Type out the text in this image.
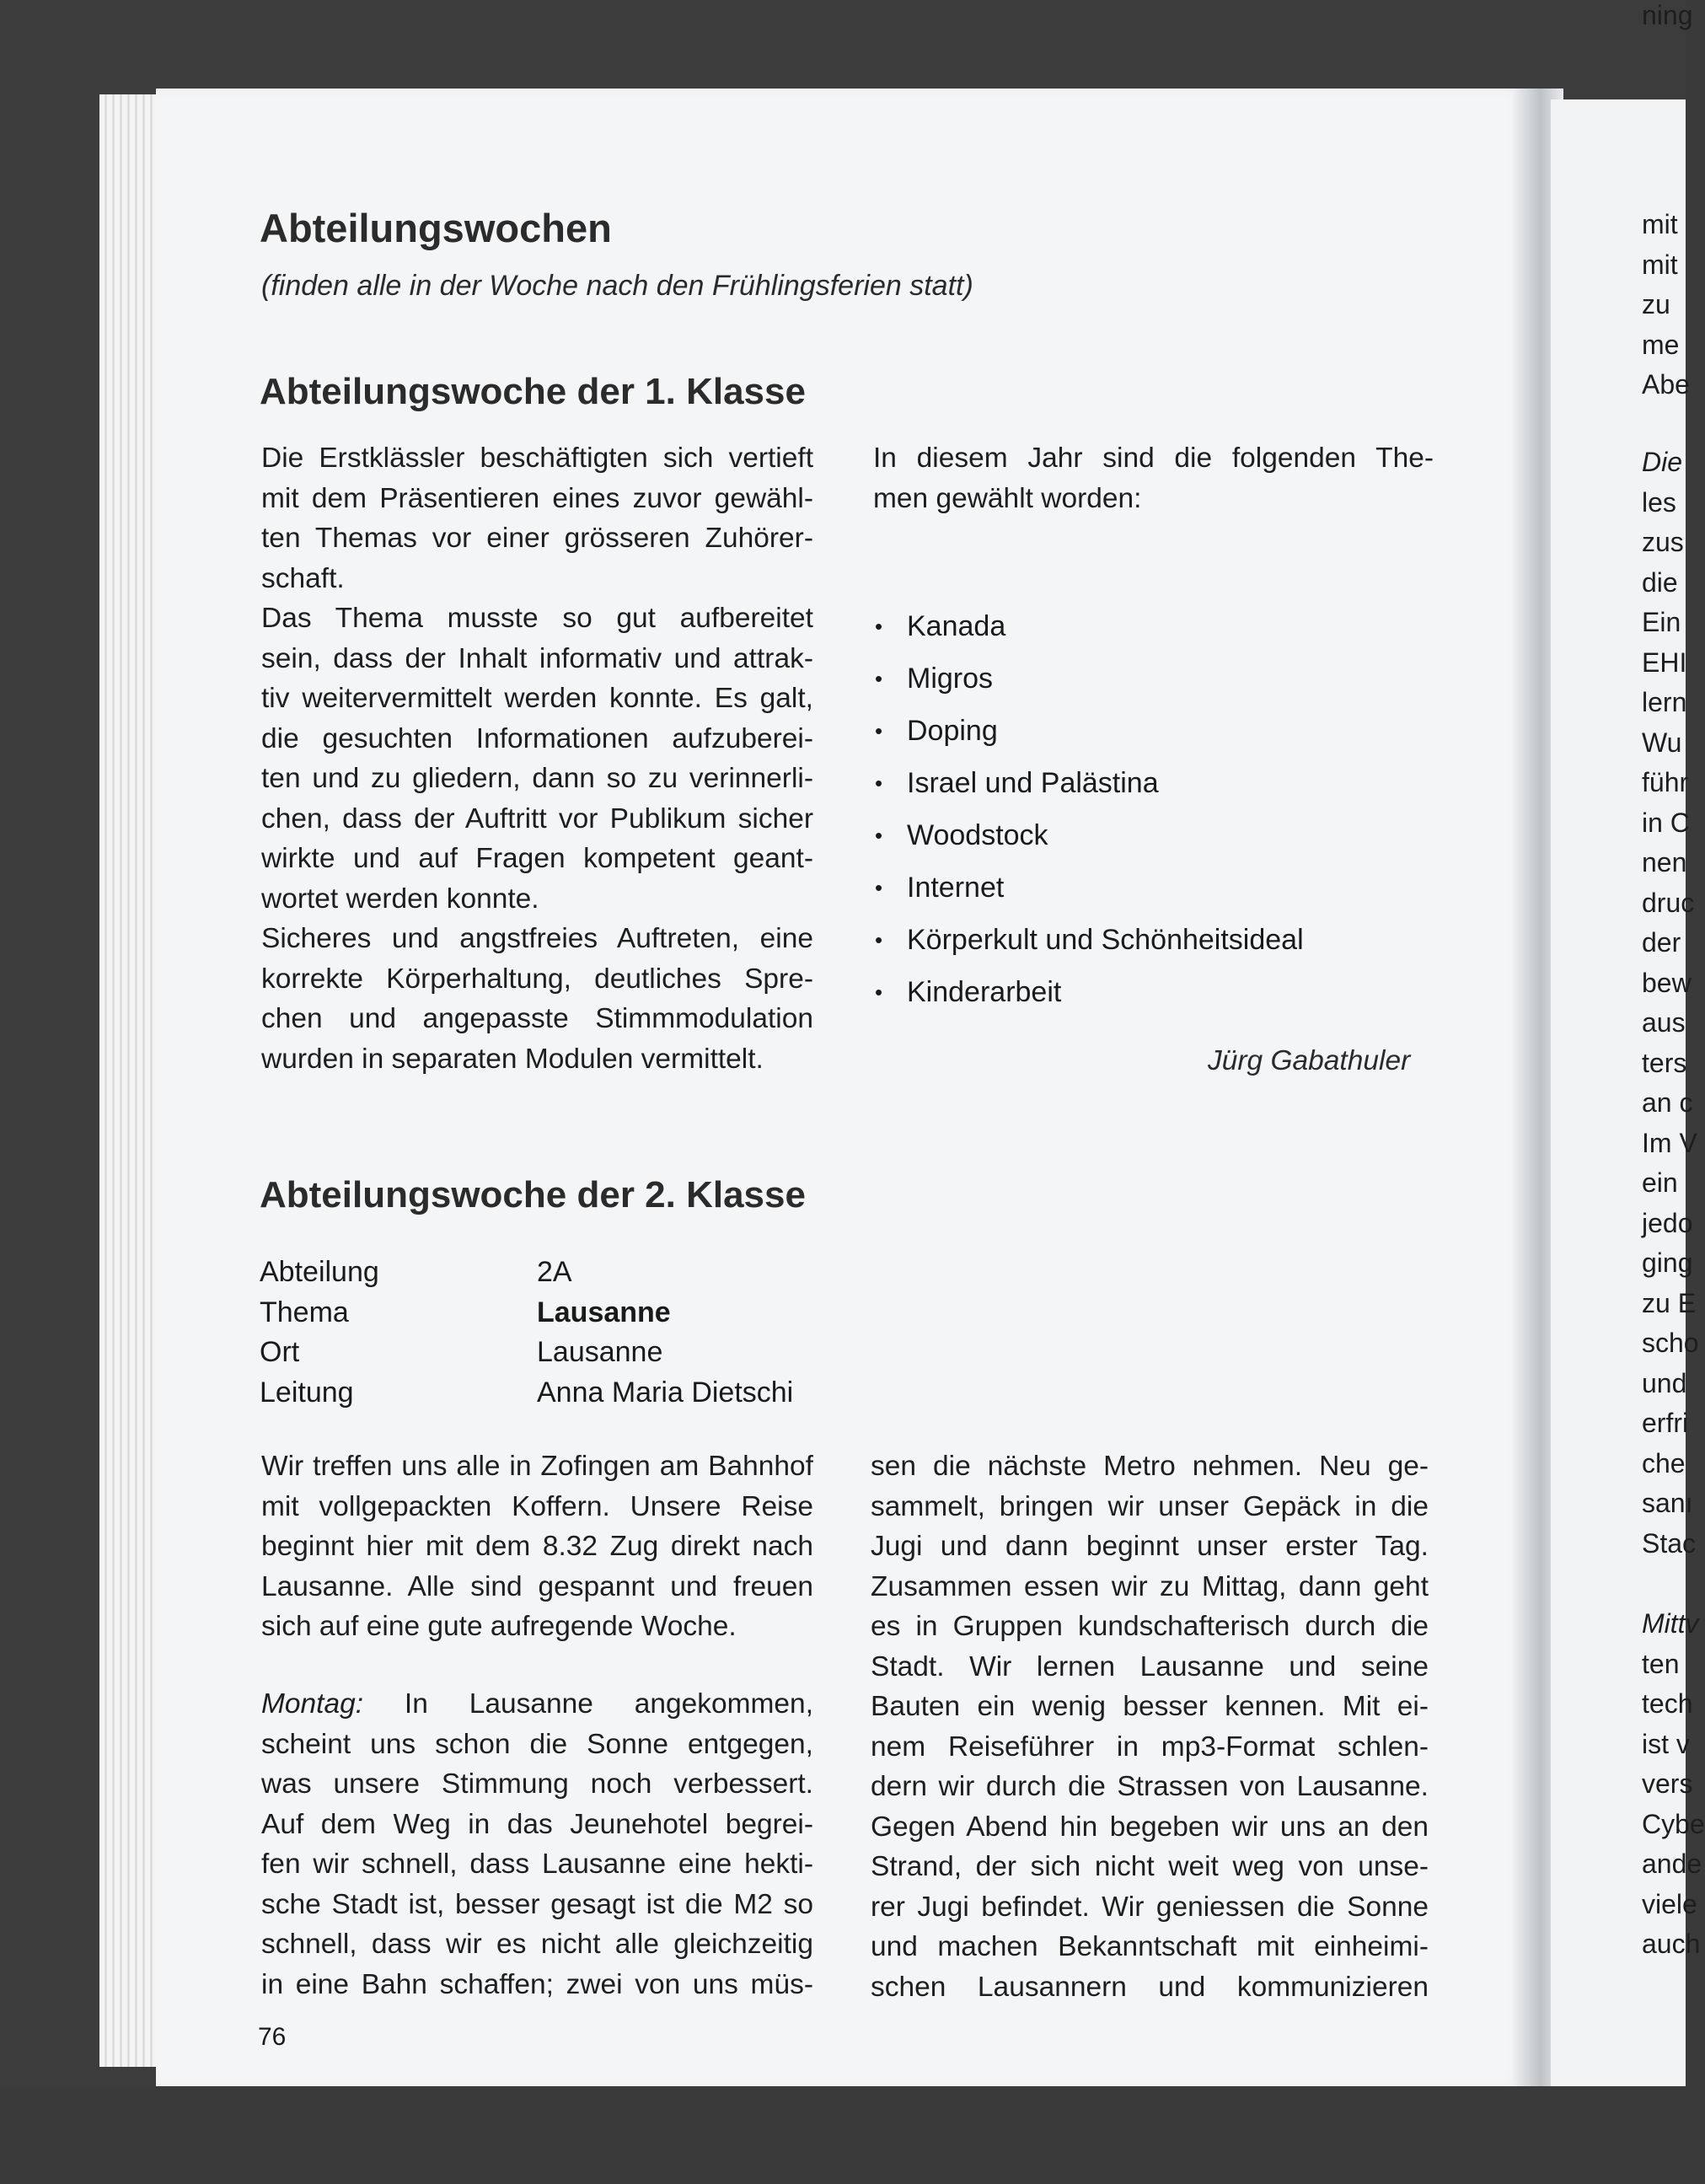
Abteilungswochen
(finden alle in der Woche nach den Frühlingsferien statt)
Abteilungswoche der 1. Klasse
Die Erstklässler beschäftigten sich vertieft
mit dem Präsentieren eines zuvor gewähl-
ten Themas vor einer grösseren Zuhörer-
schaft.
Das Thema musste so gut aufbereitet
sein, dass der Inhalt informativ und attrak-
tiv weitervermittelt werden konnte. Es galt,
die gesuchten Informationen aufzuberei-
ten und zu gliedern, dann so zu verinnerli-
chen, dass der Auftritt vor Publikum sicher
wirkte und auf Fragen kompetent geant-
wortet werden konnte.
Sicheres und angstfreies Auftreten, eine
korrekte Körperhaltung, deutliches Spre-
chen und angepasste Stimmmodulation
wurden in separaten Modulen vermittelt.
In diesem Jahr sind die folgenden The-
men gewählt worden:
• Kanada
• Migros
• Doping
• Israel und Palästina
• Woodstock
• Internet
• Körperkult und Schönheitsideal
• Kinderarbeit
Jürg Gabathuler
Abteilungswoche der 2. Klasse
Abteilung	2A
Thema	Lausanne
Ort	Lausanne
Leitung	Anna Maria Dietschi
Wir treffen uns alle in Zofingen am Bahnhof
mit vollgepackten Koffern. Unsere Reise
beginnt hier mit dem 8.32 Zug direkt nach
Lausanne. Alle sind gespannt und freuen
sich auf eine gute aufregende Woche.
Montag: In Lausanne angekommen,
scheint uns schon die Sonne entgegen,
was unsere Stimmung noch verbessert.
Auf dem Weg in das Jeunehotel begrei-
fen wir schnell, dass Lausanne eine hekti-
sche Stadt ist, besser gesagt ist die M2 so
schnell, dass wir es nicht alle gleichzeitig
in eine Bahn schaffen; zwei von uns müs-
sen die nächste Metro nehmen. Neu ge-
sammelt, bringen wir unser Gepäck in die
Jugi und dann beginnt unser erster Tag.
Zusammen essen wir zu Mittag, dann geht
es in Gruppen kundschafterisch durch die
Stadt. Wir lernen Lausanne und seine
Bauten ein wenig besser kennen. Mit ei-
nem Reiseführer in mp3-Format schlen-
dern wir durch die Strassen von Lausanne.
Gegen Abend hin begeben wir uns an den
Strand, der sich nicht weit weg von unse-
rer Jugi befindet. Wir geniessen die Sonne
und machen Bekanntschaft mit einheimi-
schen Lausannern und kommunizieren
76
mit
mit
zu
me
Abe
Die
les
zus
die
Ein
EHI
lern
Wu
führ
in C
nen
druc
der
bew
aus
ters
an c
Im V
ein
jedo
ging
zu E
scho
und
erfri
che
sanı
Stac
Mittv
ten
tech
ist v
vers
Cybe
ande
viele
auch
ning
